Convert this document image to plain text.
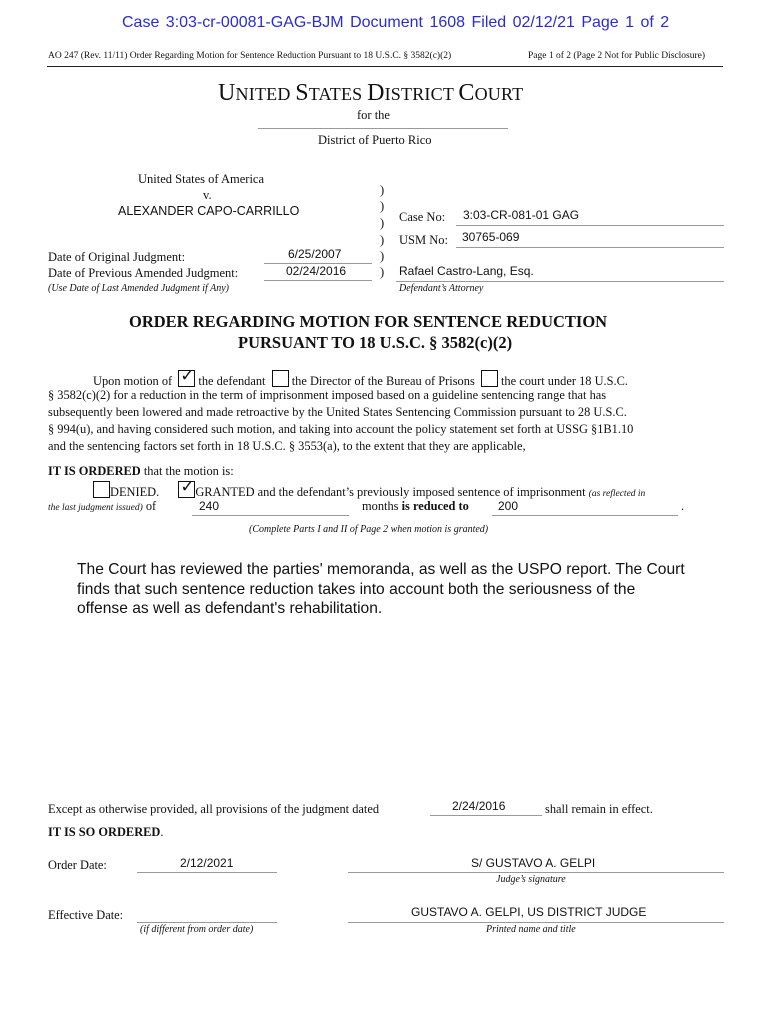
Case 3:03-cr-00081-GAG-BJM Document 1608 Filed 02/12/21 Page 1 of 2
AO 247 (Rev. 11/11) Order Regarding Motion for Sentence Reduction Pursuant to 18 U.S.C. § 3582(c)(2)	Page 1 of 2 (Page 2 Not for Public Disclosure)
UNITED STATES DISTRICT COURT
for the
District of Puerto Rico
United States of America
v.
ALEXANDER CAPO-CARRILLO
)
)
)
)
)
)
Case No: 3:03-CR-081-01 GAG
USM No: 30765-069
Date of Original Judgment:	6/25/2007
Date of Previous Amended Judgment:	02/24/2016	Rafael Castro-Lang, Esq.
(Use Date of Last Amended Judgment if Any)	Defendant’s Attorney
ORDER REGARDING MOTION FOR SENTENCE REDUCTION
PURSUANT TO 18 U.S.C. § 3582(c)(2)
Upon motion of ✓ the defendant the Director of the Bureau of Prisons the court under 18 U.S.C.
§ 3582(c)(2) for a reduction in the term of imprisonment imposed based on a guideline sentencing range that has
subsequently been lowered and made retroactive by the United States Sentencing Commission pursuant to 28 U.S.C.
§ 994(u), and having considered such motion, and taking into account the policy statement set forth at USSG §1B1.10
and the sentencing factors set forth in 18 U.S.C. § 3553(a), to the extent that they are applicable,
IT IS ORDERED that the motion is:
DENIED. ✓ GRANTED and the defendant’s previously imposed sentence of imprisonment (as reflected in
the last judgment issued) of	240	months is reduced to 200	.
(Complete Parts I and II of Page 2 when motion is granted)
The Court has reviewed the parties' memoranda, as well as the USPO report. The Court finds that such sentence reduction takes into account both the seriousness of the offense as well as defendant's rehabilitation.
Except as otherwise provided, all provisions of the judgment dated	2/24/2016	shall remain in effect.
IT IS SO ORDERED.
Order Date:	2/12/2021	S/ GUSTAVO A. GELPI
Judge’s signature
Effective Date:
(if different from order date)
GUSTAVO A. GELPI, US DISTRICT JUDGE
Printed name and title
